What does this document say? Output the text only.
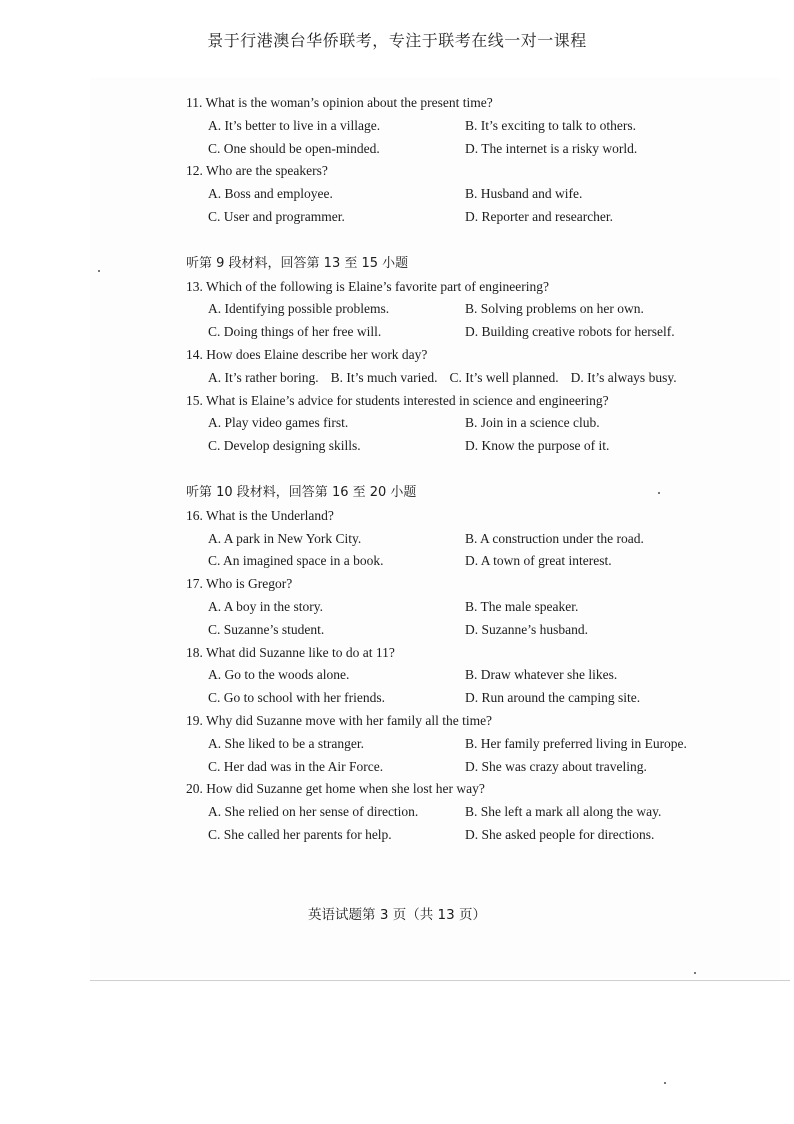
景于行港澳台华侨联考，专注于联考在线一对一课程

11. What is the woman’s opinion about the present time?

A. It’s better to live in a village.	B. It’s exciting to talk to others.
C. One should be open-minded.	D. The internet is a risky world.

12. Who are the speakers?

A. Boss and employee.	B. Husband and wife.
C. User and programmer.	D. Reporter and researcher.
听第 9 段材料，回答第 13 至 15 小题

13. Which of the following is Elaine’s favorite part of engineering?

A. Identifying possible problems.	B. Solving problems on her own.
C. Doing things of her free will.	D. Building creative robots for herself.

14. How does Elaine describe her work day?

A. It’s rather boring. B. It’s much varied. C. It’s well planned. D. It’s always busy.

15. What is Elaine’s advice for students interested in science and engineering?

A. Play video games first.	B. Join in a science club.
C. Develop designing skills.	D. Know the purpose of it.
听第 10 段材料，回答第 16 至 20 小题

16. What is the Underland?

A. A park in New York City.	B. A construction under the road.
C. An imagined space in a book.	D. A town of great interest.

17. Who is Gregor?

A. A boy in the story.	B. The male speaker.
C. Suzanne’s student.	D. Suzanne’s husband.

18. What did Suzanne like to do at 11?

A. Go to the woods alone.	B. Draw whatever she likes.
C. Go to school with her friends.	D. Run around the camping site.

19. Why did Suzanne move with her family all the time?

A. She liked to be a stranger.	B. Her family preferred living in Europe.
C. Her dad was in the Air Force.	D. She was crazy about traveling.

20. How did Suzanne get home when she lost her way?

A. She relied on her sense of direction.	B. She left a mark all along the way.
C. She called her parents for help.	D. She asked people for directions.
英语试题第 3 页（共 13 页）
